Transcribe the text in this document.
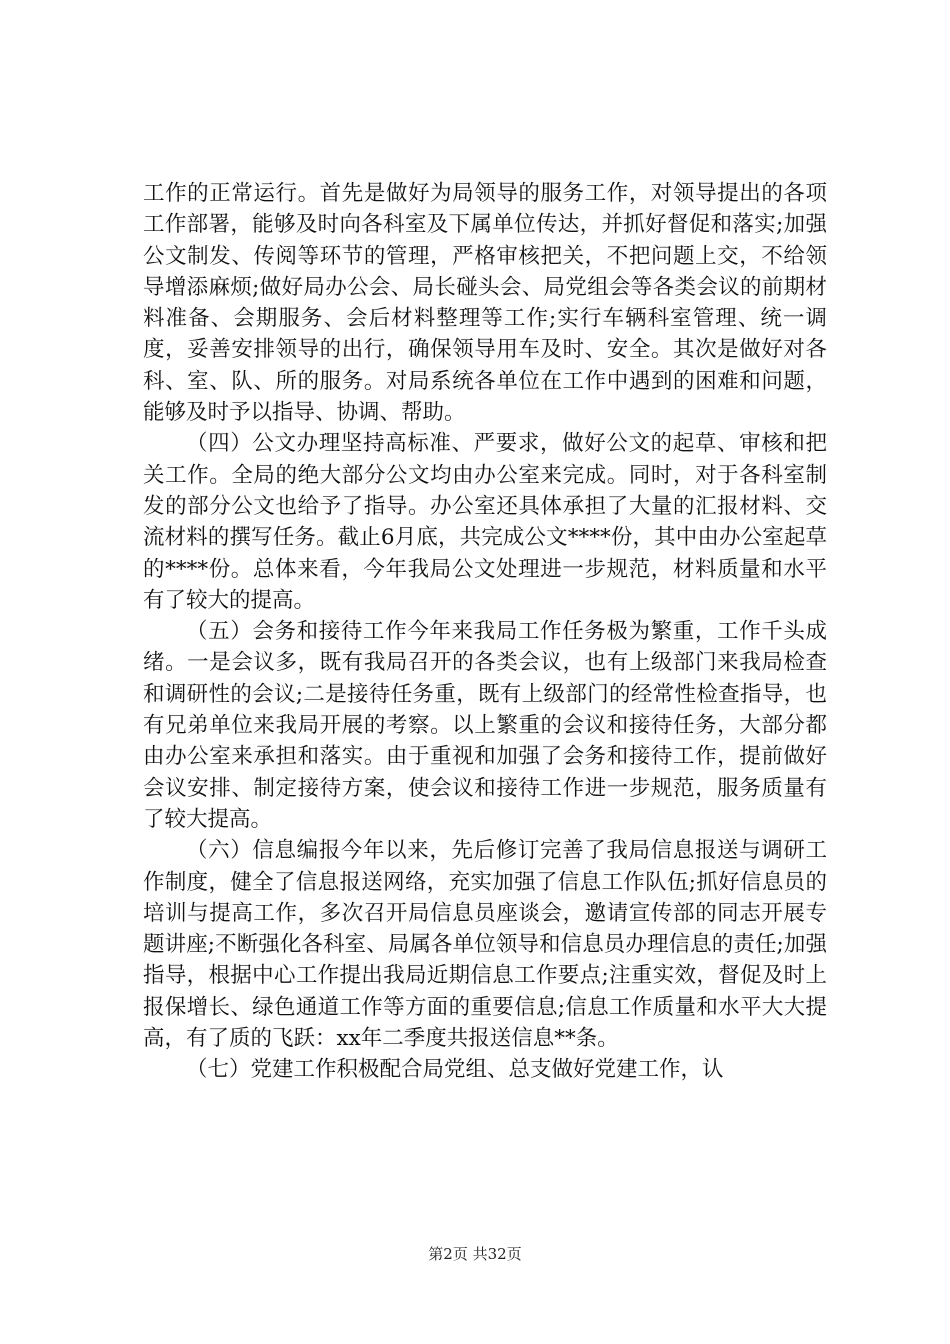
工作的正常运行。首先是做好为局领导的服务工作，对领导提出的各项工作部署，能够及时向各科室及下属单位传达，并抓好督促和落实;加强公文制发、传阅等环节的管理，严格审核把关，不把问题上交，不给领导增添麻烦;做好局办公会、局长碰头会、局党组会等各类会议的前期材料准备、会期服务、会后材料整理等工作;实行车辆科室管理、统一调度，妥善安排领导的出行，确保领导用车及时、安全。其次是做好对各科、室、队、所的服务。对局系统各单位在工作中遇到的困难和问题，能够及时予以指导、协调、帮助。

（四）公文办理坚持高标准、严要求，做好公文的起草、审核和把关工作。全局的绝大部分公文均由办公室来完成。同时，对于各科室制发的部分公文也给予了指导。办公室还具体承担了大量的汇报材料、交流材料的撰写任务。截止6月底，共完成公文****份，其中由办公室起草的****份。总体来看，今年我局公文处理进一步规范，材料质量和水平有了较大的提高。

（五）会务和接待工作今年来我局工作任务极为繁重，工作千头成绪。一是会议多，既有我局召开的各类会议，也有上级部门来我局检查和调研性的会议;二是接待任务重，既有上级部门的经常性检查指导，也有兄弟单位来我局开展的考察。以上繁重的会议和接待任务，大部分都由办公室来承担和落实。由于重视和加强了会务和接待工作，提前做好会议安排、制定接待方案，使会议和接待工作进一步规范，服务质量有了较大提高。

（六）信息编报今年以来，先后修订完善了我局信息报送与调研工作制度，健全了信息报送网络，充实加强了信息工作队伍;抓好信息员的培训与提高工作，多次召开局信息员座谈会，邀请宣传部的同志开展专题讲座;不断强化各科室、局属各单位领导和信息员办理信息的责任;加强指导，根据中心工作提出我局近期信息工作要点;注重实效，督促及时上报保增长、绿色通道工作等方面的重要信息;信息工作质量和水平大大提高，有了质的飞跃：xx年二季度共报送信息**条。

（七）党建工作积极配合局党组、总支做好党建工作，认

第2页 共32页
